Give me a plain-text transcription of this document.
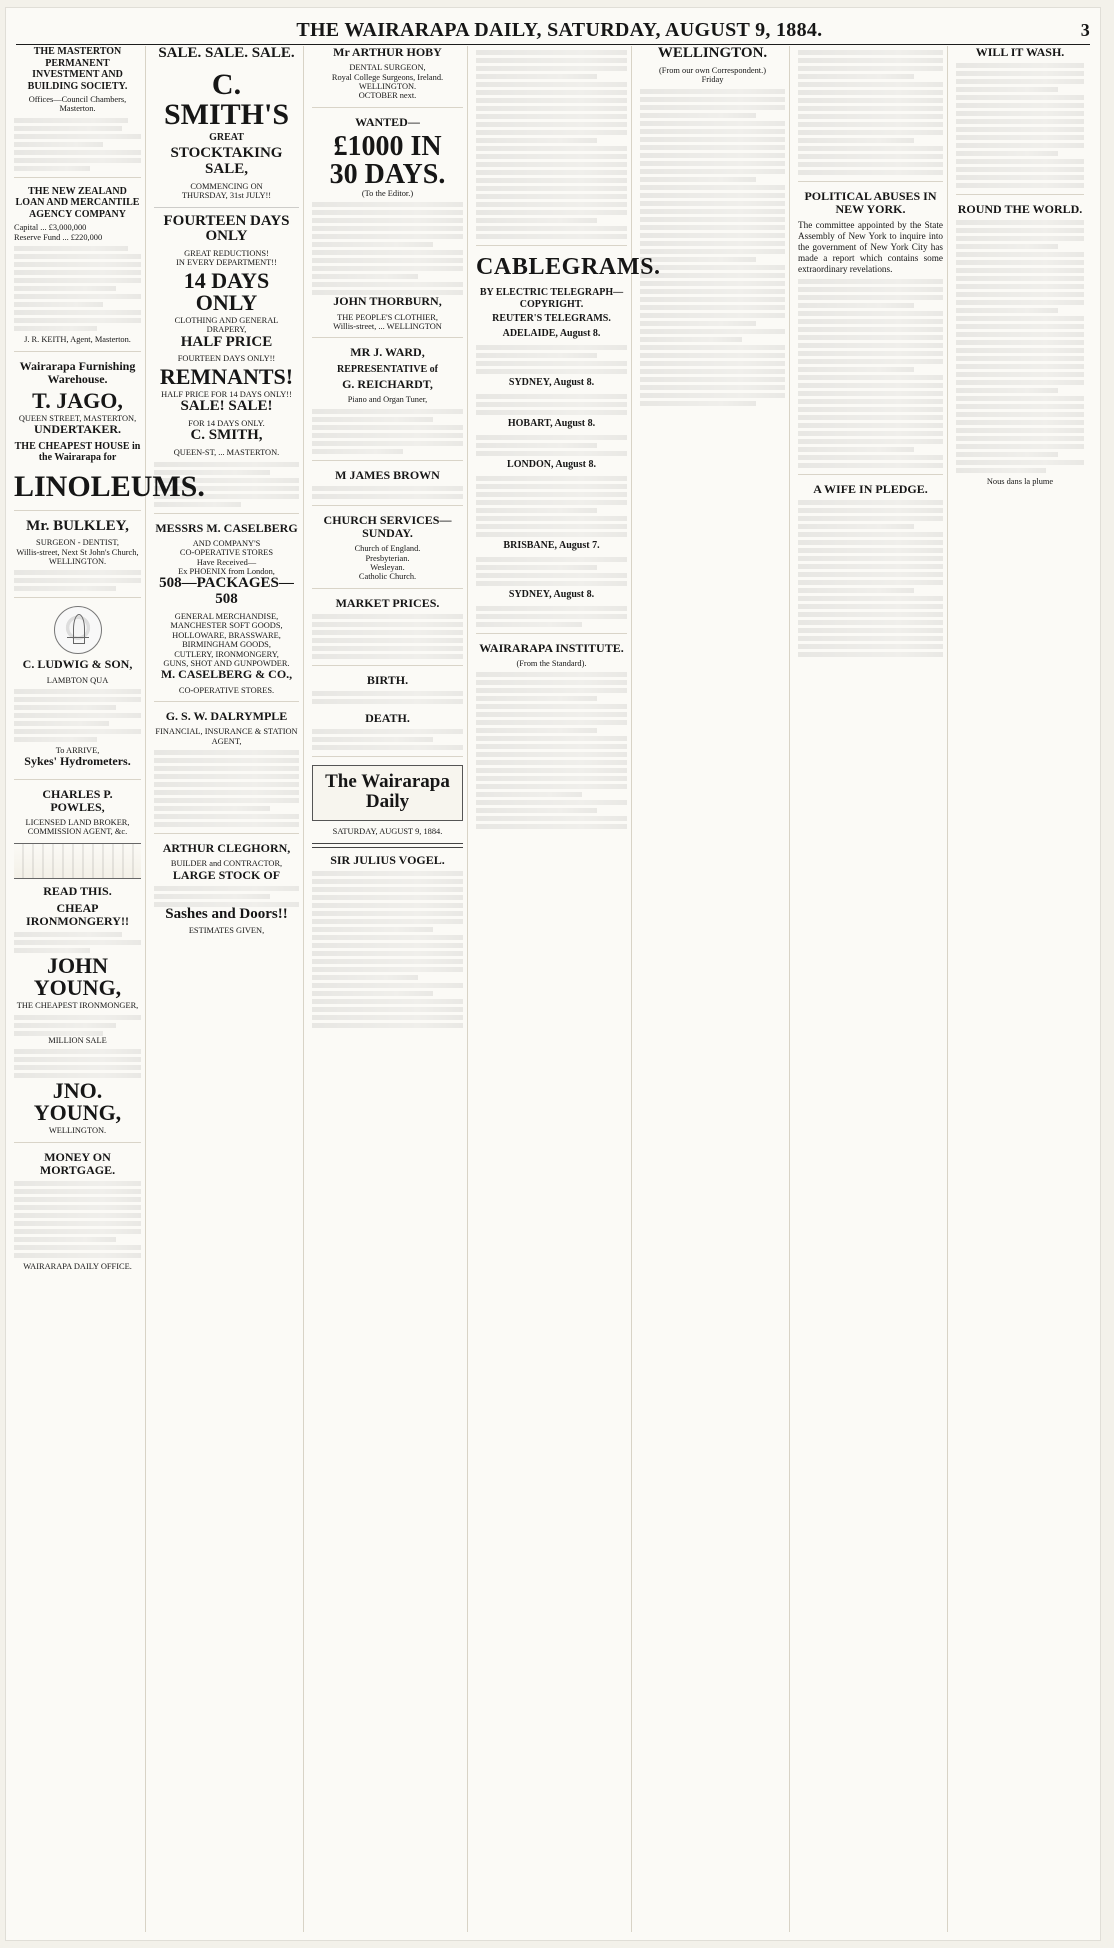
THE WAIRARAPA DAILY, SATURDAY, AUGUST 9, 1884.	3
THE MASTERTON PERMANENT INVESTMENT AND BUILDING SOCIETY.
Offices—Council Chambers, Masterton.
THE NEW ZEALAND LOAN AND MERCANTILE AGENCY COMPANY
Capital ... £3,000,000
Reserve Fund ... £220,000
J. R. KEITH, Agent, Masterton.
Wairarapa Furnishing Warehouse.
T. JAGO,
QUEEN STREET, MASTERTON,
UNDERTAKER.
THE CHEAPEST HOUSE in the Wairarapa for
LINOLEUMS.
Mr. BULKLEY,
SURGEON - DENTIST,
Willis-street, Next St John's Church, WELLINGTON.
C. LUDWIG & SON,
LAMBTON QUA
To ARRIVE,
Sykes' Hydrometers.
CHARLES P. POWLES,
LICENSED LAND BROKER, COMMISSION AGENT, &c.
READ THIS.
CHEAP IRONMONGERY!!
JOHN YOUNG,
THE CHEAPEST IRONMONGER,
MILLION SALE
JNO. YOUNG,
WELLINGTON.
MONEY ON MORTGAGE.
WAIRARAPA DAILY OFFICE.
SALE. SALE. SALE.
C. SMITH'S
GREAT
STOCKTAKING SALE,
COMMENCING ON
THURSDAY, 31st JULY!!
FOURTEEN DAYS ONLY
GREAT REDUCTIONS!
IN EVERY DEPARTMENT!!
14 DAYS ONLY
CLOTHING AND GENERAL DRAPERY,
HALF PRICE
FOURTEEN DAYS ONLY!!
REMNANTS!
HALF PRICE FOR 14 DAYS ONLY!!
SALE! SALE!
FOR 14 DAYS ONLY.
C. SMITH,
QUEEN-ST, ... MASTERTON.
MESSRS M. CASELBERG
AND COMPANY'S
CO-OPERATIVE STORES
Have Received—
Ex PHOENIX from London,
508—PACKAGES—508
GENERAL MERCHANDISE,
MANCHESTER SOFT GOODS,
HOLLOWARE, BRASSWARE,
BIRMINGHAM GOODS,
CUTLERY, IRONMONGERY,
GUNS, SHOT AND GUNPOWDER.
M. CASELBERG & CO.,
CO-OPERATIVE STORES.
G. S. W. DALRYMPLE
FINANCIAL, INSURANCE & STATION AGENT,
ARTHUR CLEGHORN,
BUILDER and CONTRACTOR,
LARGE STOCK OF
Sashes and Doors!!
ESTIMATES GIVEN,
Mr ARTHUR HOBY
DENTAL SURGEON,
Royal College Surgeons, Ireland.
WELLINGTON.
OCTOBER next.
WANTED—
£1000 IN
30 DAYS.
(To the Editor.)
JOHN THORBURN,
THE PEOPLE'S CLOTHIER,
Willis-street, ... WELLINGTON
MR J. WARD,
REPRESENTATIVE of
G. REICHARDT,
Piano and Organ Tuner,
M JAMES BROWN
CHURCH SERVICES—SUNDAY.
Church of England.
Presbyterian.
Wesleyan.
Catholic Church.
MARKET PRICES.
BIRTH.
DEATH.
The Wairarapa Daily
SATURDAY, AUGUST 9, 1884.
SIR JULIUS VOGEL.
CABLEGRAMS.
BY ELECTRIC TELEGRAPH—COPYRIGHT.
REUTER'S TELEGRAMS.
ADELAIDE, August 8.
SYDNEY, August 8.
HOBART, August 8.
LONDON, August 8.
BRISBANE, August 7.
SYDNEY, August 8.
WAIRARAPA INSTITUTE.
(From the Standard).
WELLINGTON.
(From our own Correspondent.)
Friday
POLITICAL ABUSES IN NEW YORK.
The committee appointed by the State Assembly of New York to inquire into the government of New York City has made a report which contains some extraordinary revelations.
A WIFE IN PLEDGE.
WILL IT WASH.
ROUND THE WORLD.
Nous dans la plume
